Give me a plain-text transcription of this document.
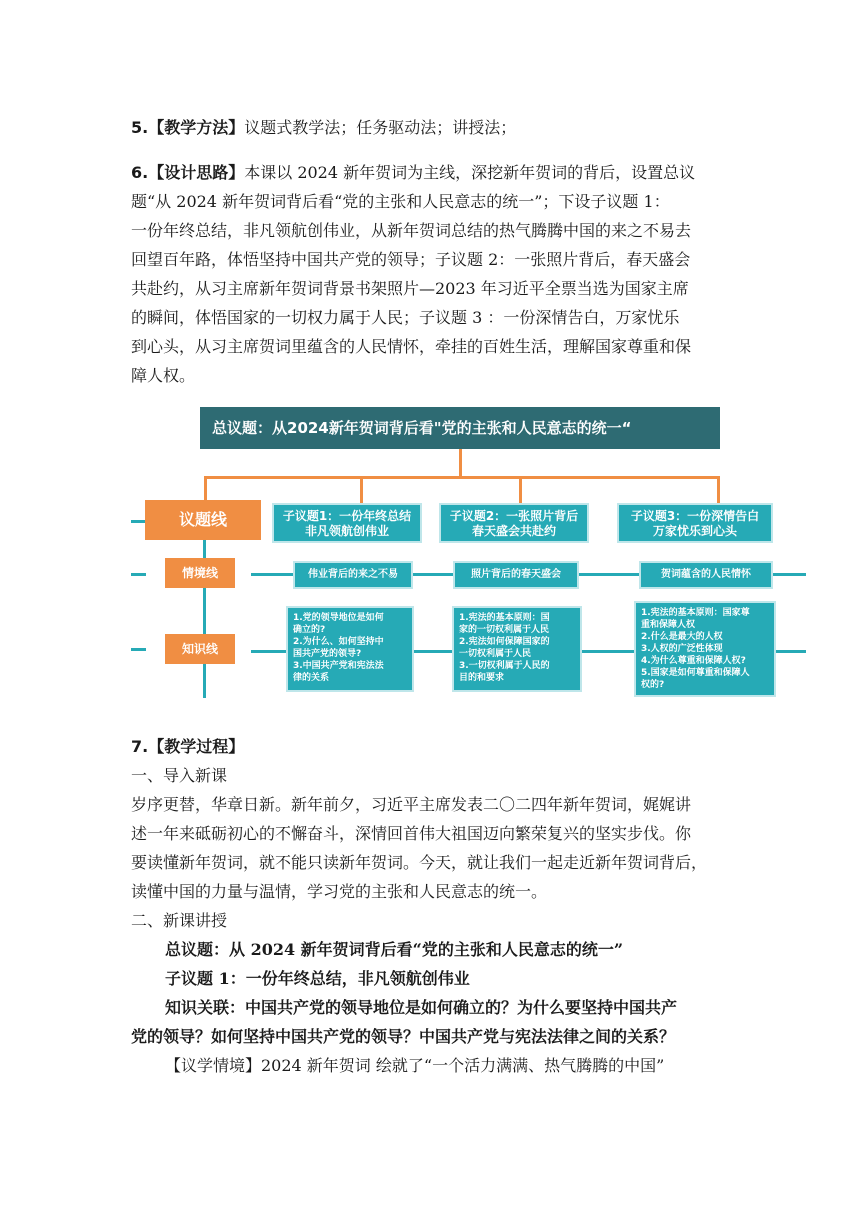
5.【教学方法】议题式教学法；任务驱动法；讲授法；
6.【设计思路】本课以 2024 新年贺词为主线，深挖新年贺词的背后，设置总议
题“从 2024 新年贺词背后看“党的主张和人民意志的统一”；下设子议题 1：
一份年终总结，非凡领航创伟业，从新年贺词总结的热气腾腾中国的来之不易去
回望百年路，体悟坚持中国共产党的领导；子议题 2：一张照片背后，春天盛会
共赴约，从习主席新年贺词背景书架照片—2023 年习近平全票当选为国家主席
的瞬间，体悟国家的一切权力属于人民；子议题 3 ：一份深情告白，万家忧乐
到心头，从习主席贺词里蕴含的人民情怀，牵挂的百姓生活，理解国家尊重和保
障人权。
总议题：从2024新年贺词背后看"党的主张和人民意志的统一“
议题线
情境线
知识线
子议题1：一份年终总结
非凡领航创伟业
子议题2：一张照片背后
春天盛会共赴约
子议题3：一份深情告白
万家忧乐到心头
伟业背后的来之不易	照片背后的春天盛会	贺词蕴含的人民情怀
1.党的领导地位是如何
确立的?
2.为什么、如何坚持中
国共产党的领导?
3.中国共产党和宪法法
律的关系
1.宪法的基本原则：国
家的一切权利属于人民
2.宪法如何保障国家的
一切权利属于人民
3.一切权利属于人民的
目的和要求
1.宪法的基本原则：国家尊
重和保障人权
2.什么是最大的人权
3.人权的广泛性体现
4.为什么尊重和保障人权?
5.国家是如何尊重和保障人
权的?
7.【教学过程】
一、导入新课
岁序更替，华章日新。新年前夕，习近平主席发表二〇二四年新年贺词，娓娓讲
述一年来砥砺初心的不懈奋斗，深情回首伟大祖国迈向繁荣复兴的坚实步伐。你
要读懂新年贺词，就不能只读新年贺词。今天，就让我们一起走近新年贺词背后，
读懂中国的力量与温情，学习党的主张和人民意志的统一。
二、新课讲授
总议题：从 2024 新年贺词背后看“党的主张和人民意志的统一”
子议题 1：一份年终总结，非凡领航创伟业
知识关联：中国共产党的领导地位是如何确立的？为什么要坚持中国共产
党的领导？如何坚持中国共产党的领导？中国共产党与宪法法律之间的关系？
【议学情境】2024 新年贺词 绘就了“一个活力满满、热气腾腾的中国”
